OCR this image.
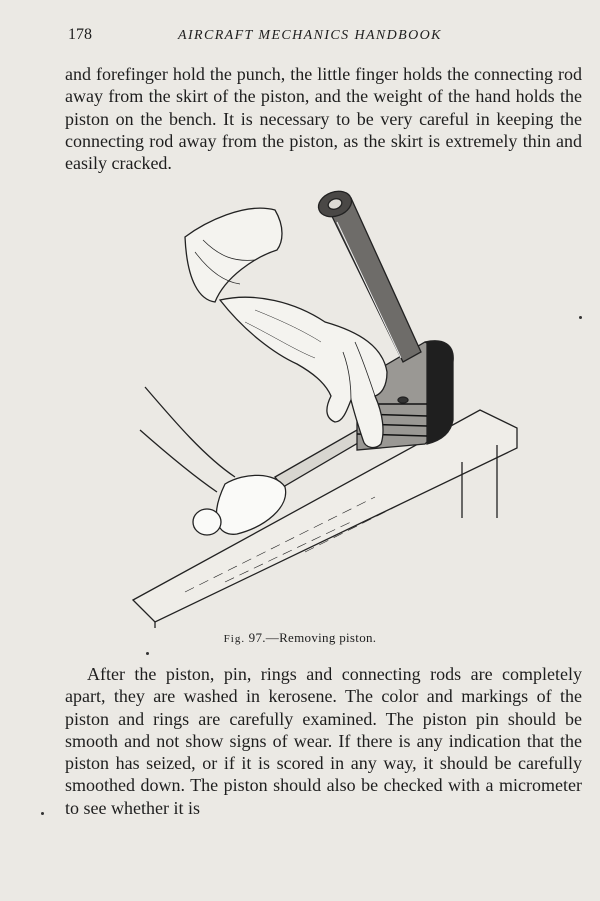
178	AIRCRAFT MECHANICS HANDBOOK

and forefinger hold the punch, the little finger holds the connecting rod away from the skirt of the piston, and the weight of the hand holds the piston on the bench. It is necessary to be very careful in keeping the connecting rod away from the piston, as the skirt is extremely thin and easily cracked.

Fig. 97.—Removing piston.

After the piston, pin, rings and connecting rods are completely apart, they are washed in kerosene. The color and markings of the piston and rings are carefully examined. The piston pin should be smooth and not show signs of wear. If there is any indication that the piston has seized, or if it is scored in any way, it should be carefully smoothed down. The piston should also be checked with a micrometer to see whether it is
